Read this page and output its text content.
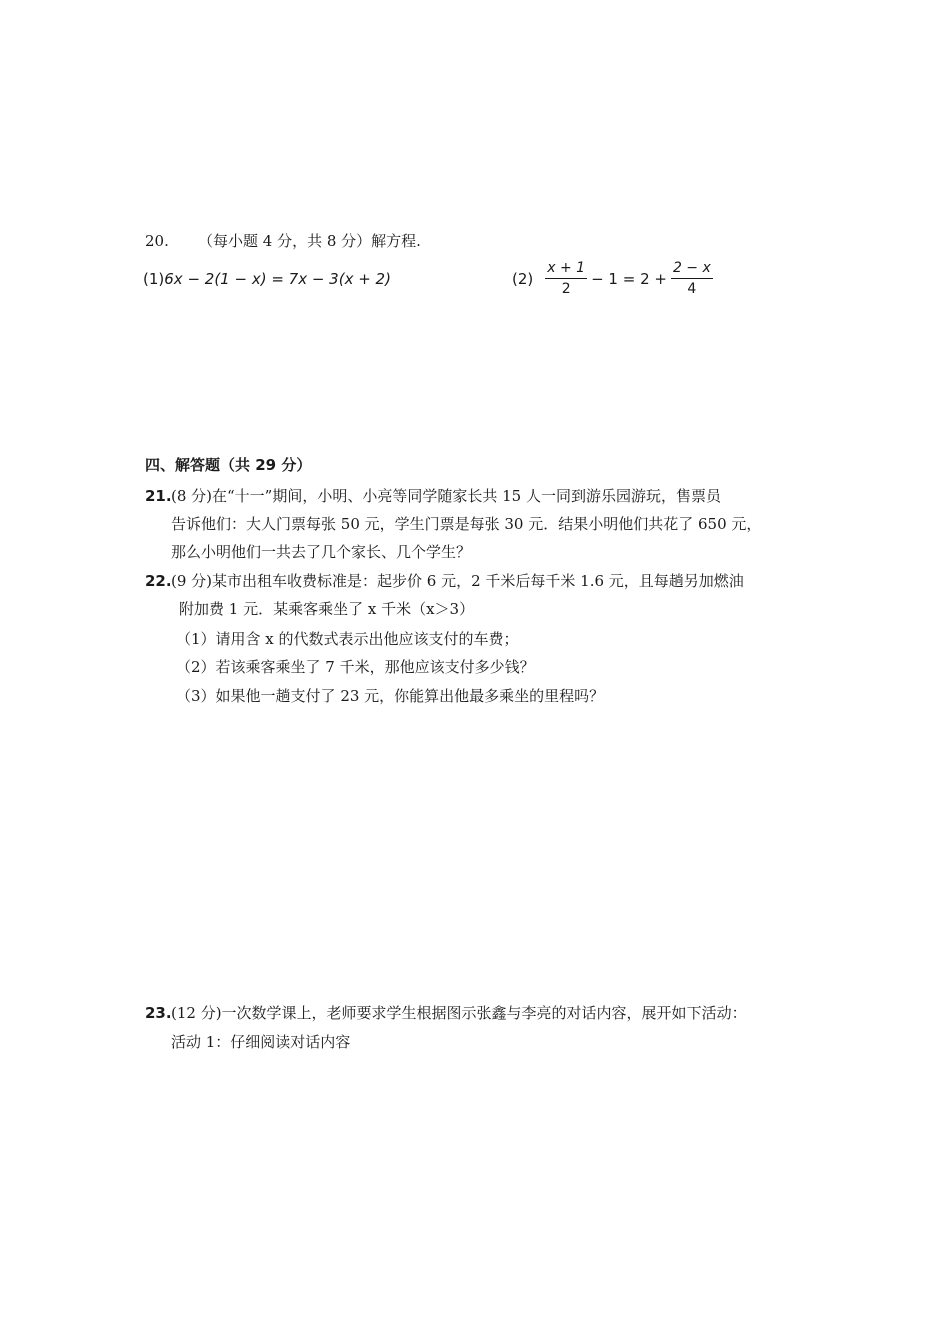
20. （每小题 4 分，共 8 分）解方程.
(1)6x − 2(1 − x) = 7x − 3(x + 2)	$(2) \frac{x + 1}{2} - 1 = 2 + \frac{2 - x}{4}$
四、解答题（共 29 分）
21. (8 分)在“十一”期间，小明、小亮等同学随家长共 15 人一同到游乐园游玩，售票员
告诉他们：大人门票每张 50 元，学生门票是每张 30 元．结果小明他们共花了 650 元，
那么小明他们一共去了几个家长、几个学生？
22. (9 分)某市出租车收费标准是：起步价 6 元，2 千米后每千米 1.6 元，且每趟另加燃油
附加费 1 元．某乘客乘坐了 x 千米（x＞3）
（1）请用含 x 的代数式表示出他应该支付的车费；
（2）若该乘客乘坐了 7 千米，那他应该支付多少钱？
（3）如果他一趟支付了 23 元，你能算出他最多乘坐的里程吗？
23. (12 分)一次数学课上，老师要求学生根据图示张鑫与李亮的对话内容，展开如下活动：
活动 1：仔细阅读对话内容
